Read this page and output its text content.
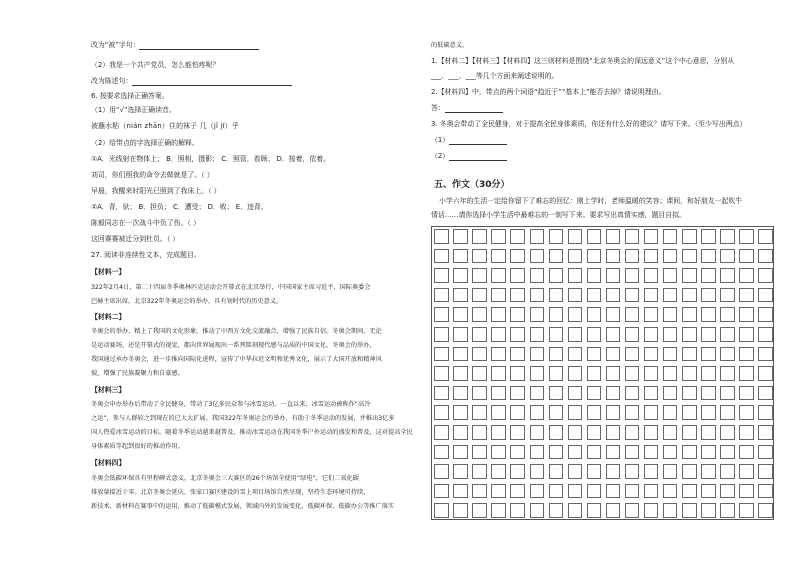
改为“被”字句：
（2）我是一个共产党员，怎么能怕疼呢？
改为陈述句：
6. 按要求选择正确答案。
（1）用“√”选择正确读音。
被蘸水粘（nián zhān）住的袜子 几（jǐ jī）乎
（2）给带点的字选择正确的解释。
①A．光线射在物体上； B．照相，摄影； C．照管，看顾； D．按着，依着。
刘司，你们照我的命令去做就是了。（ ）
早晨，我醒来时阳光已照到了我床上。（ ）
②A．背，驮； B．担负； C．遭受； D．败； E．违背。
陈毅同志在一次战斗中负了伤。（ ）
这回赛赛被迁分到杜员。（ ）
27. 阅读非连续性文本，完成题目。
【材料一】
322年2月4日，第二十四届冬季奥林匹克运动会开幕式在北京举行，中国国家主席习近平、国际奥委会
巴赫主席出席。北京322年冬奥运会的举办，具有划时代的历史意义。
【材料二】
冬奥会的举办，精上了我国的文化形象，推动了中西方文化交流融合，增强了民族自信。冬奥会期间，无论
是运动赛场、还是开幕式的视觉，都向世界展现出一系列铭刻现代感与品质的中国文化。冬奥会的举办，
我国通过承办冬奥会，进一步推向国际化进程，宣传了中华拉近文明和优秀文化，展示了大国开放和精神风
貌，增强了民族凝聚力和自豪感。
【材料三】
冬奥会申办举办后带动了全民健身，带动了3亿多民众参与冰雪运动。一直以来，冰雪运动被称作“高冷
之运”，参与人群较之到现在的已大大扩展。我国322年冬奥运会的举办，有助于冬季运动的发展，并推出3亿多
国人热爱冰雪运动的目标。随着冬季运动越来越普及，推动冰雪运动在我国冬季户外运动的盛发和普及，这对提高全民
身体素质等起到很好的推动作用。
【材料四】
冬奥会低碳环保具有里程碑式意义。北京冬奥会三大赛区的26个场馆全使用“绿电”，它们二氧化碳
排放量接近于零。北京冬奥会延庆、张家口赛区建设的雪上项目场馆自然呈现，坚持生态环境可持续，
新技术、新材料在赛事中的运用，推动了低碳模式发展，领域内外的发展变化，低碳环保，低碳办公等推广落实
的低碳意义。
1.【材料二】【材料三】【材料四】这三则材料是围绕“北京冬奥会的深远意义”这个中心意思，分别从
___、___、___等几个方面来阐述说明的。
2.【材料四】中，带点的两个词语“趋近于”“基本上”能否去掉？请说明理由。
答：
3. 冬奥会带动了全民健身，对于提高全民身体素质，你还有什么好的建议？请写下来。（至少写出两点）
（1）
（2）
五、作文（30分）
小学六年的生活一定给你留下了难忘的回忆：刚上学时，老师温暖的笑容；课间，和好朋友一起吹牛
情话……请你选择小学生活中最难忘的一刻写下来。要求写出真情实感，题目自拟。
